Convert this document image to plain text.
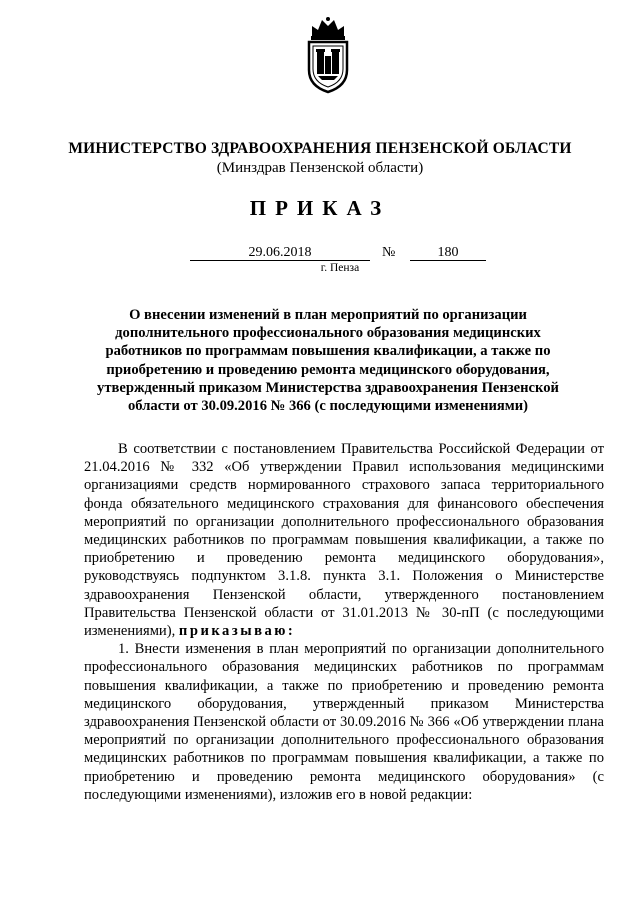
МИНИСТЕРСТВО ЗДРАВООХРАНЕНИЯ ПЕНЗЕНСКОЙ ОБЛАСТИ
(Минздрав Пензенской области)
ПРИКАЗ
29.06.2018	№	180
г. Пенза
О внесении изменений в план мероприятий по организации дополнительного профессионального образования медицинских работников по программам повышения квалификации, а также по приобретению и проведению ремонта медицинского оборудования, утвержденный приказом Министерства здравоохранения Пензенской области от 30.09.2016 № 366 (с последующими изменениями)

В соответствии с постановлением Правительства Российской Федерации от 21.04.2016 № 332 «Об утверждении Правил использования медицинскими организациями средств нормированного страхового запаса территориального фонда обязательного медицинского страхования для финансового обеспечения мероприятий по организации дополнительного профессионального образования медицинских работников по программам повышения квалификации, а также по приобретению и проведению ремонта медицинского оборудования», руководствуясь подпунктом 3.1.8. пункта 3.1. Положения о Министерстве здравоохранения Пензенской области, утвержденного постановлением Правительства Пензенской области от 31.01.2013 № 30-пП (с последующими изменениями), приказываю:

1. Внести изменения в план мероприятий по организации дополнительного профессионального образования медицинских работников по программам повышения квалификации, а также по приобретению и проведению ремонта медицинского оборудования, утвержденный приказом Министерства здравоохранения Пензенской области от 30.09.2016 № 366 «Об утверждении плана мероприятий по организации дополнительного профессионального образования медицинских работников по программам повышения квалификации, а также по приобретению и проведению ремонта медицинского оборудования» (с последующими изменениями), изложив его в новой редакции:
